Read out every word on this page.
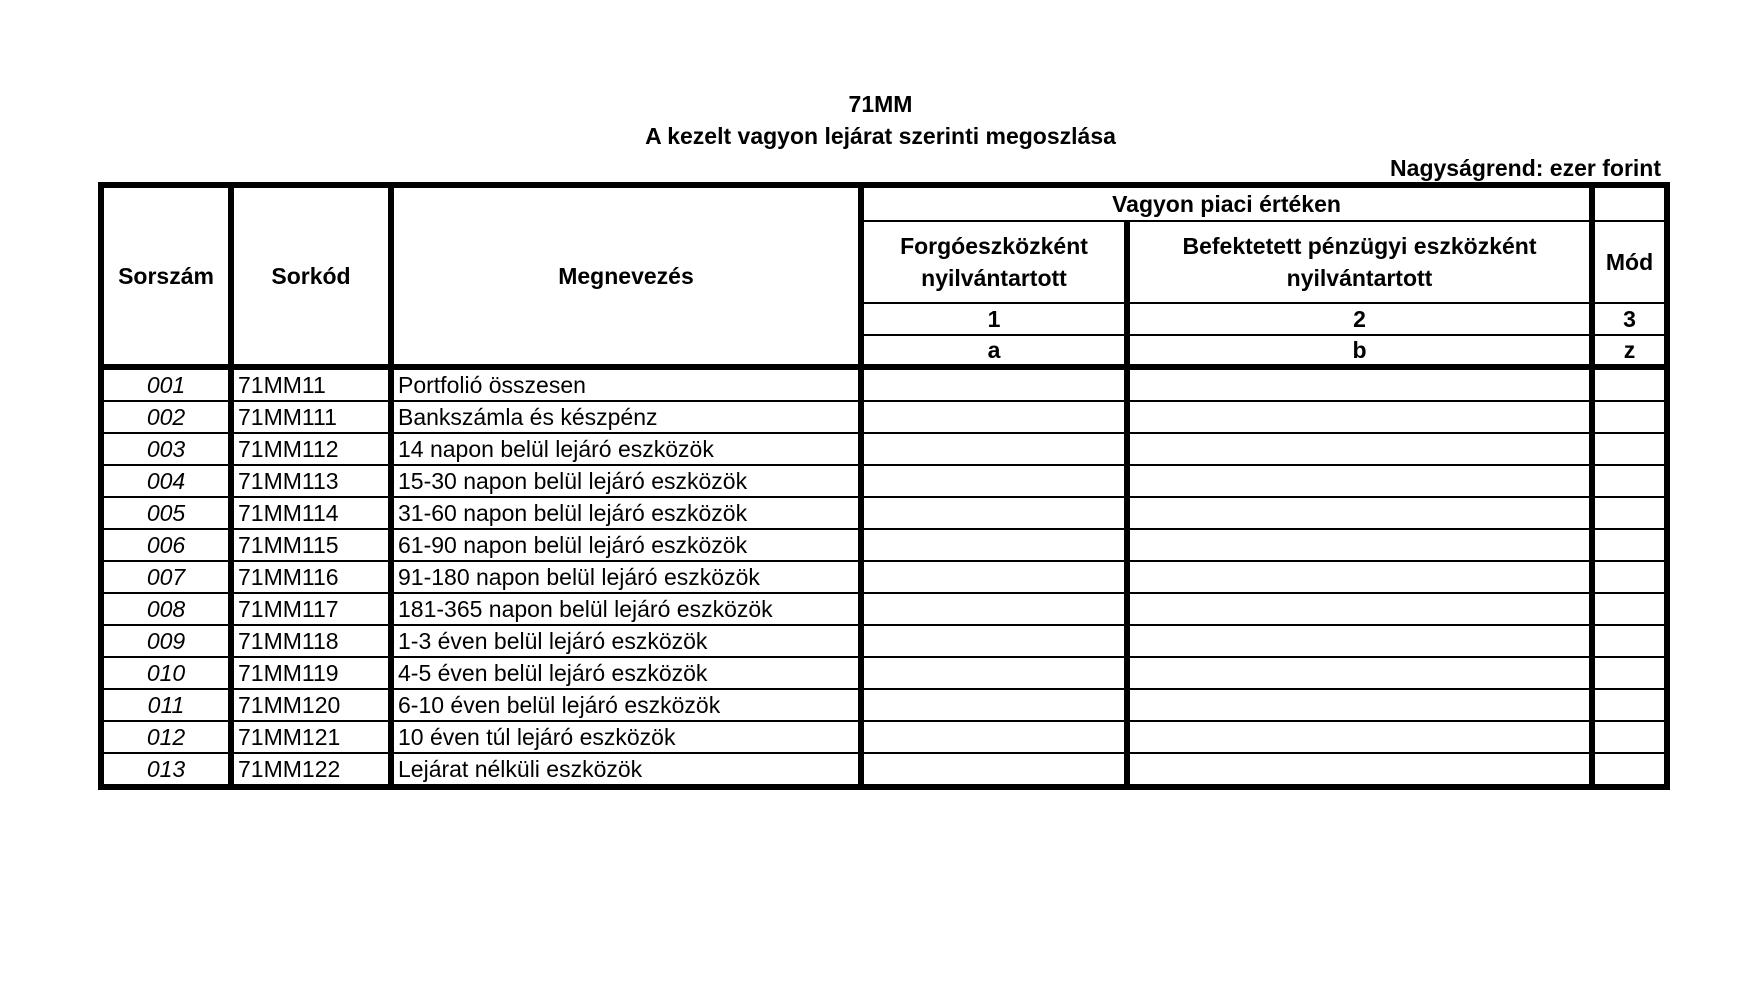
71MM
A kezelt vagyon lejárat szerinti megoszlása
Nagyságrend: ezer forint
Sorszám	Sorkód	Megnevezés	Vagyon piaci értéken		
			Forgóeszközként nyilvántartott	Befektetett pénzügyi eszközként nyilvántartott	Mód
			1	2	3
			a	b	z
001	71MM11	Portfolió összesen			
002	71MM111	Bankszámla és készpénz			
003	71MM112	14 napon belül lejáró eszközök			
004	71MM113	15-30 napon belül lejáró eszközök			
005	71MM114	31-60 napon belül lejáró eszközök			
006	71MM115	61-90 napon belül lejáró eszközök			
007	71MM116	91-180 napon belül lejáró eszközök			
008	71MM117	181-365 napon belül lejáró eszközök			
009	71MM118	1-3 éven belül lejáró eszközök			
010	71MM119	4-5 éven belül lejáró eszközök			
011	71MM120	6-10 éven belül lejáró eszközök			
012	71MM121	10 éven túl lejáró eszközök			
013	71MM122	Lejárat nélküli eszközök			
